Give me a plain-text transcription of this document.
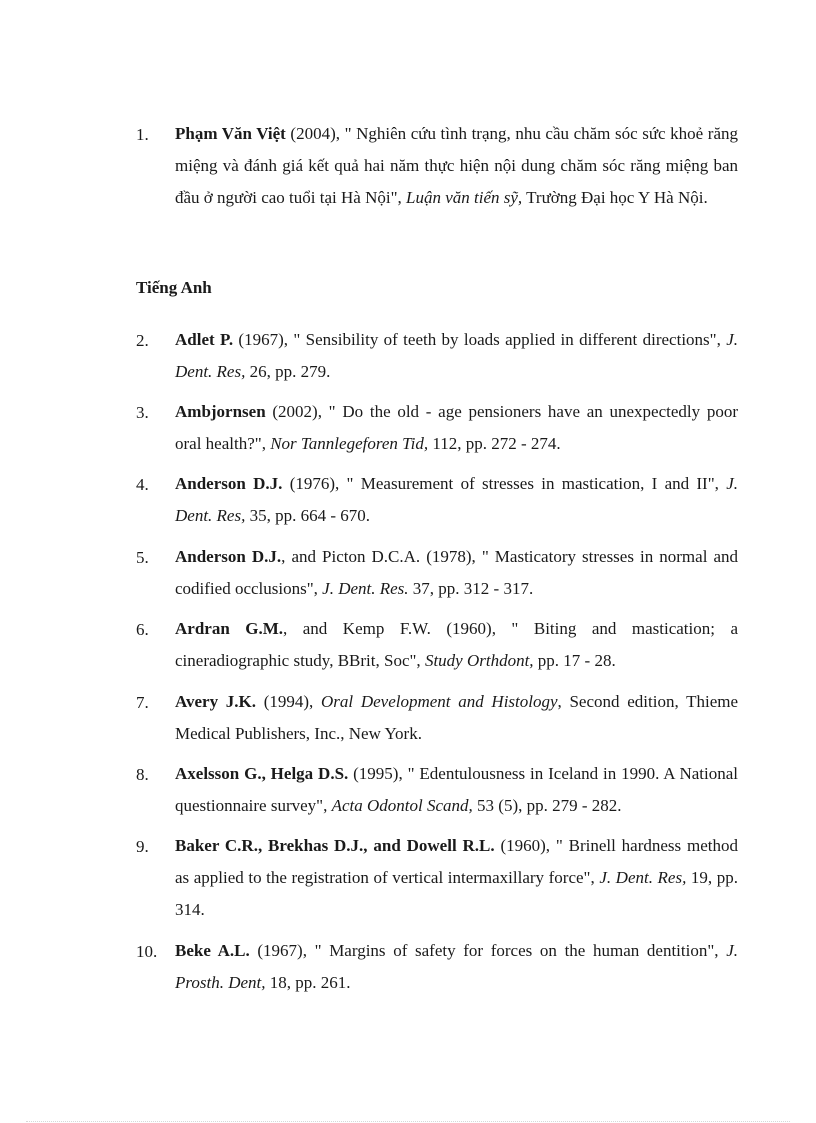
1. Phạm Văn Việt (2004), " Nghiên cứu tình trạng, nhu cầu chăm sóc sức khoẻ răng miệng và đánh giá kết quả hai năm thực hiện nội dung chăm sóc răng miệng ban đầu ở người cao tuổi tại Hà Nội", Luận văn tiến sỹ, Trường Đại học Y Hà Nội.
Tiếng Anh
2. Adlet P. (1967), " Sensibility of teeth by loads applied in different directions", J. Dent. Res, 26, pp. 279.
3. Ambjornsen (2002), " Do the old - age pensioners have an unexpectedly poor oral health?", Nor Tannlegeforen Tid, 112, pp. 272 - 274.
4. Anderson D.J. (1976), " Measurement of stresses in mastication, I and II", J. Dent. Res, 35, pp. 664 - 670.
5. Anderson D.J., and Picton D.C.A. (1978), " Masticatory stresses in normal and codified occlusions", J. Dent. Res. 37, pp. 312 - 317.
6. Ardran G.M., and Kemp F.W. (1960), " Biting and mastication; a cineradiographic study, BBrit, Soc", Study Orthdont, pp. 17 - 28.
7. Avery J.K. (1994), Oral Development and Histology, Second edition, Thieme Medical Publishers, Inc., New York.
8. Axelsson G., Helga D.S. (1995), " Edentulousness in Iceland in 1990. A National questionnaire survey", Acta Odontol Scand, 53 (5), pp. 279 - 282.
9. Baker C.R., Brekhas D.J., and Dowell R.L. (1960), " Brinell hardness method as applied to the registration of vertical intermaxillary force", J. Dent. Res, 19, pp. 314.
10. Beke A.L. (1967), " Margins of safety for forces on the human dentition", J. Prosth. Dent, 18, pp. 261.
